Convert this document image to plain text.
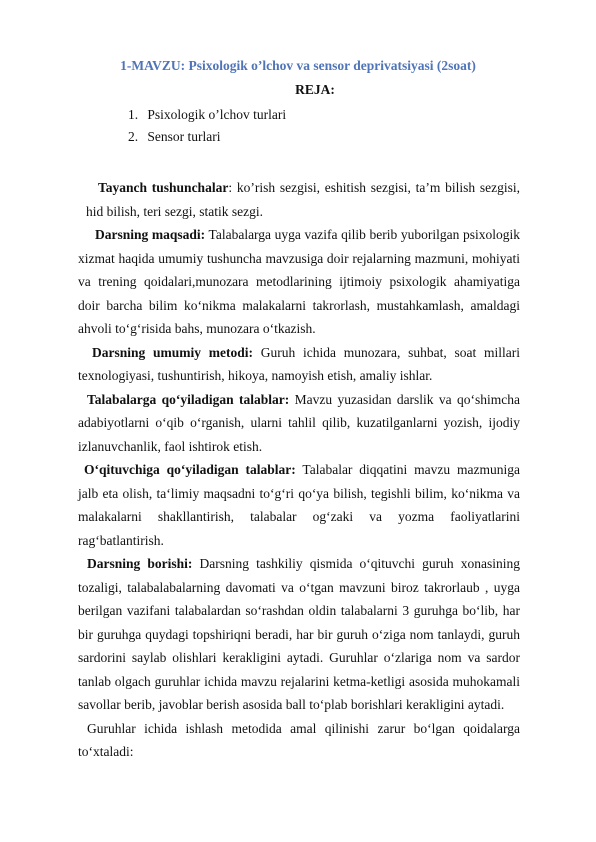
1-MAVZU: Psixologik o’lchov va sensor deprivatsiyasi (2soat)
REJA:
1. Psixologik o’lchov turlari
2. Sensor turlari

Tayanch tushunchalar: ko’rish sezgisi, eshitish sezgisi, ta’m bilish sezgisi, hid bilish, teri sezgi, statik sezgi.

Darsning maqsadi: Talabalarga uyga vazifa qilib berib yuborilgan psixologik xizmat haqida umumiy tushuncha mavzusiga doir rejalarning mazmuni, mohiyati va trening qoidalari,munozara metodlarining ijtimoiy psixologik ahamiyatiga doir barcha bilim ko‘nikma malakalarni takrorlash, mustahkamlash, amaldagi ahvoli to‘g‘risida bahs, munozara o‘tkazish.

Darsning umumiy metodi: Guruh ichida munozara, suhbat, soat millari texnologiyasi, tushuntirish, hikoya, namoyish etish, amaliy ishlar.

Talabalarga qo‘yiladigan talablar: Mavzu yuzasidan darslik va qo‘shimcha adabiyotlarni o‘qib o‘rganish, ularni tahlil qilib, kuzatilganlarni yozish, ijodiy izlanuvchanlik, faol ishtirok etish.

O‘qituvchiga qo‘yiladigan talablar: Talabalar diqqatini mavzu mazmuniga jalb eta olish, ta‘limiy maqsadni to‘g‘ri qo‘ya bilish, tegishli bilim, ko‘nikma va malakalarni shakllantirish, talabalar og‘zaki va yozma faoliyatlarini rag‘batlantirish.

Darsning borishi: Darsning tashkiliy qismida o‘qituvchi guruh xonasining tozaligi, talabalabalarning davomati va o‘tgan mavzuni biroz takrorlaub , uyga berilgan vazifani talabalardan so‘rashdan oldin talabalarni 3 guruhga bo‘lib, har bir guruhga quydagi topshiriqni beradi, har bir guruh o‘ziga nom tanlaydi, guruh sardorini saylab olishlari kerakligini aytadi. Guruhlar o‘zlariga nom va sardor tanlab olgach guruhlar ichida mavzu rejalarini ketma-ketligi asosida muhokamali savollar berib, javoblar berish asosida ball to‘plab borishlari kerakligini aytadi.

Guruhlar ichida ishlash metodida amal qilinishi zarur bo‘lgan qoidalarga to‘xtaladi:
